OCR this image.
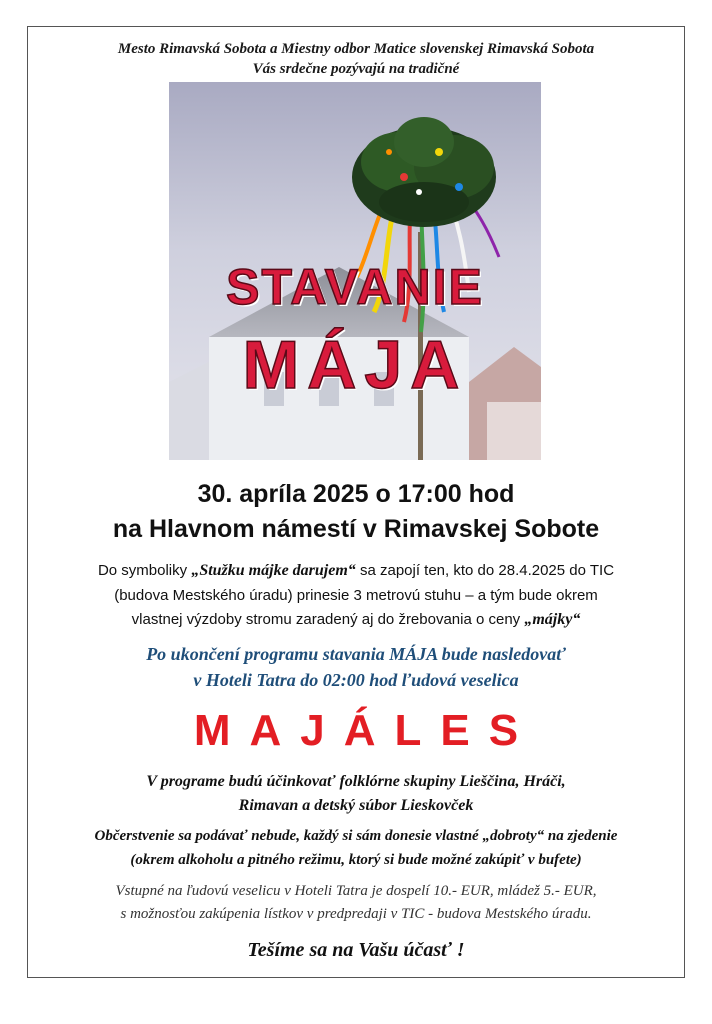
Mesto Rimavská Sobota a Miestny odbor Matice slovenskej Rimavská Sobota
Vás srdečne pozývajú na tradičné
STAVANIE
MÁJA
30. apríla 2025 o 17:00 hod
na Hlavnom námestí v Rimavskej Sobote
Do symboliky „Stužku májke darujem“ sa zapojí ten, kto do 28.4.2025 do TIC
(budova Mestského úradu) prinesie 3 metrovú stuhu – a tým bude okrem
vlastnej výzdoby stromu zaradený aj do žrebovania o ceny „májky“
Po ukončení programu stavania MÁJA bude nasledovať
v Hoteli Tatra do 02:00 hod ľudová veselica
MAJÁLES
V programe budú účinkovať folklórne skupiny Lieščina, Hráči,
Rimavan a detský súbor Lieskovček
Občerstvenie sa podávať nebude, každý si sám donesie vlastné „dobroty“ na zjedenie
(okrem alkoholu a pitného režimu, ktorý si bude možné zakúpiť v bufete)
Vstupné na ľudovú veselicu v Hoteli Tatra je dospelí 10.- EUR, mládež 5.- EUR,
s možnosťou zakúpenia lístkov v predpredaji v TIC - budova Mestského úradu.
Tešíme sa na Vašu účasť !
